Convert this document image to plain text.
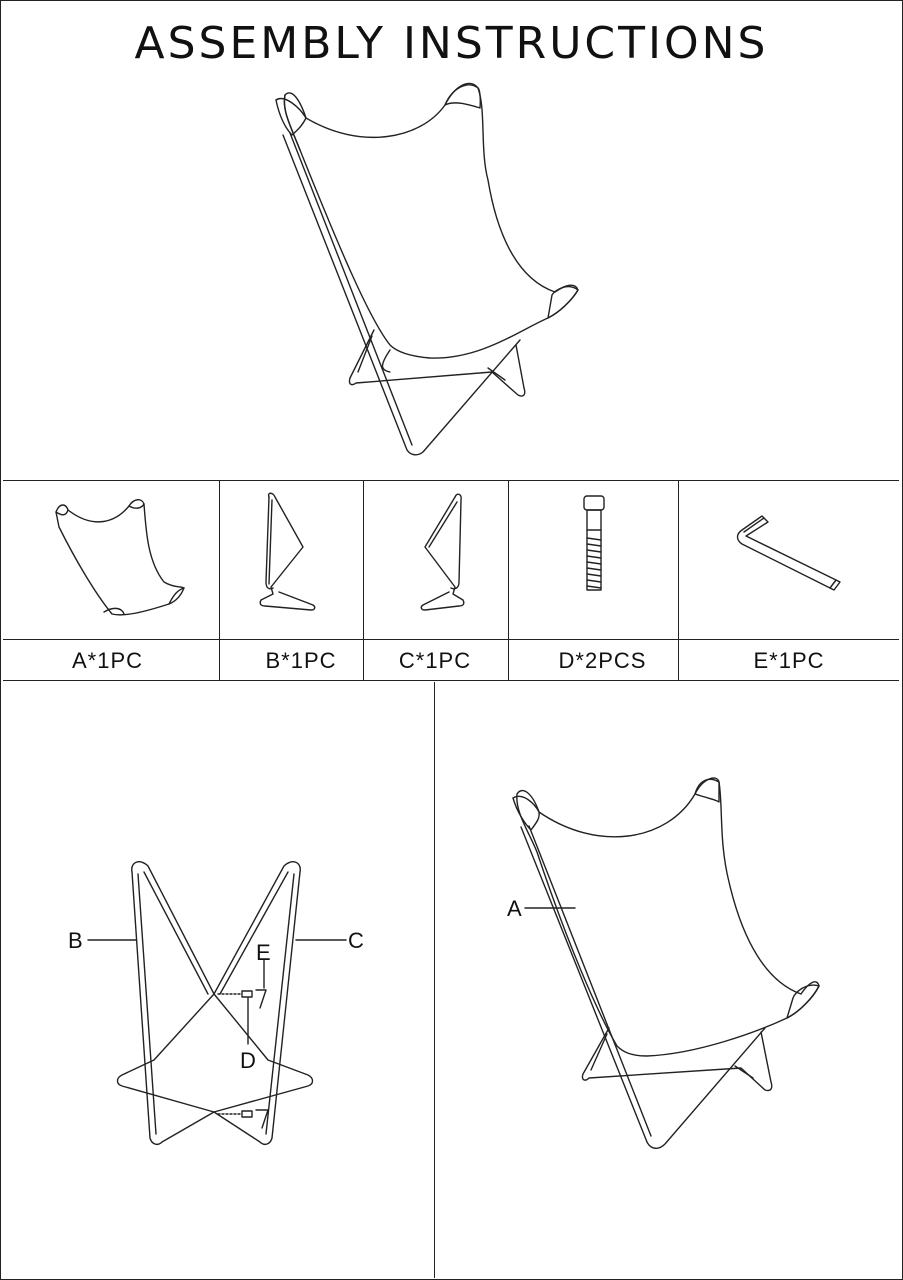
ASSEMBLY INSTRUCTIONS
A*1PC	B*1PC	C*1PC	D*2PCS	E*1PC
B	C
E
D
A
